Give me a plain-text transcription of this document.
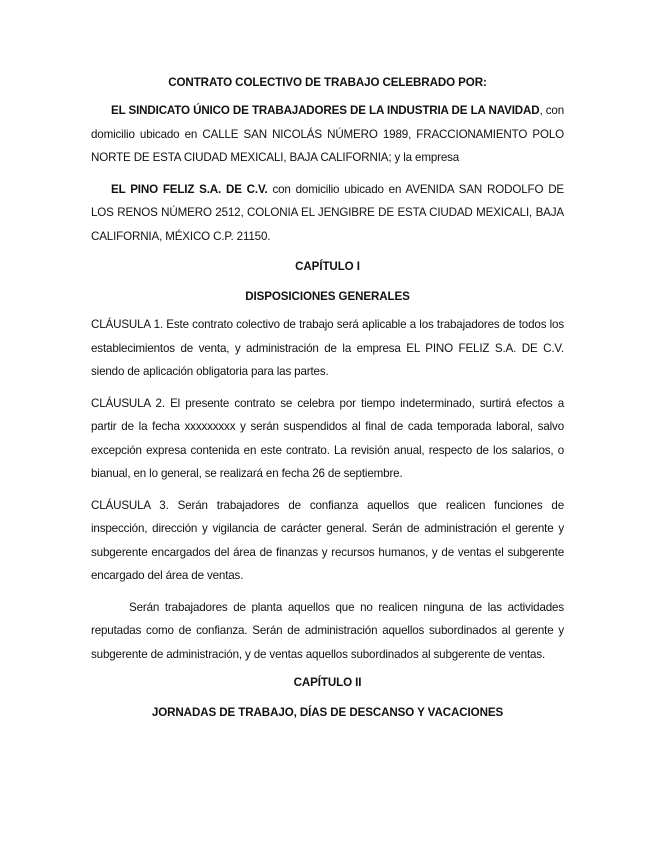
CONTRATO COLECTIVO DE TRABAJO CELEBRADO POR:

EL SINDICATO ÚNICO DE TRABAJADORES DE LA INDUSTRIA DE LA NAVIDAD, con domicilio ubicado en CALLE SAN NICOLÁS NÚMERO 1989, FRACCIONAMIENTO POLO NORTE DE ESTA CIUDAD MEXICALI, BAJA CALIFORNIA; y la empresa

EL PINO FELIZ S.A. DE C.V. con domicilio ubicado en AVENIDA SAN RODOLFO DE LOS RENOS NÚMERO 2512, COLONIA EL JENGIBRE DE ESTA CIUDAD MEXICALI, BAJA CALIFORNIA, MÉXICO C.P. 21150.

CAPÍTULO I

DISPOSICIONES GENERALES

CLÁUSULA 1. Este contrato colectivo de trabajo será aplicable a los trabajadores de todos los establecimientos de venta, y administración de la empresa EL PINO FELIZ S.A. DE C.V. siendo de aplicación obligatoria para las partes.

CLÁUSULA 2. El presente contrato se celebra por tiempo indeterminado, surtirá efectos a partir de la fecha xxxxxxxxx y serán suspendidos al final de cada temporada laboral, salvo excepción expresa contenida en este contrato. La revisión anual, respecto de los salarios, o bianual, en lo general, se realizará en fecha 26 de septiembre.

CLÁUSULA 3. Serán trabajadores de confianza aquellos que realicen funciones de inspección, dirección y vigilancia de carácter general. Serán de administración el gerente y subgerente encargados del área de finanzas y recursos humanos, y de ventas el subgerente encargado del área de ventas.

Serán trabajadores de planta aquellos que no realicen ninguna de las actividades reputadas como de confianza. Serán de administración aquellos subordinados al gerente y subgerente de administración, y de ventas aquellos subordinados al subgerente de ventas.

CAPÍTULO II

JORNADAS DE TRABAJO, DÍAS DE DESCANSO Y VACACIONES
